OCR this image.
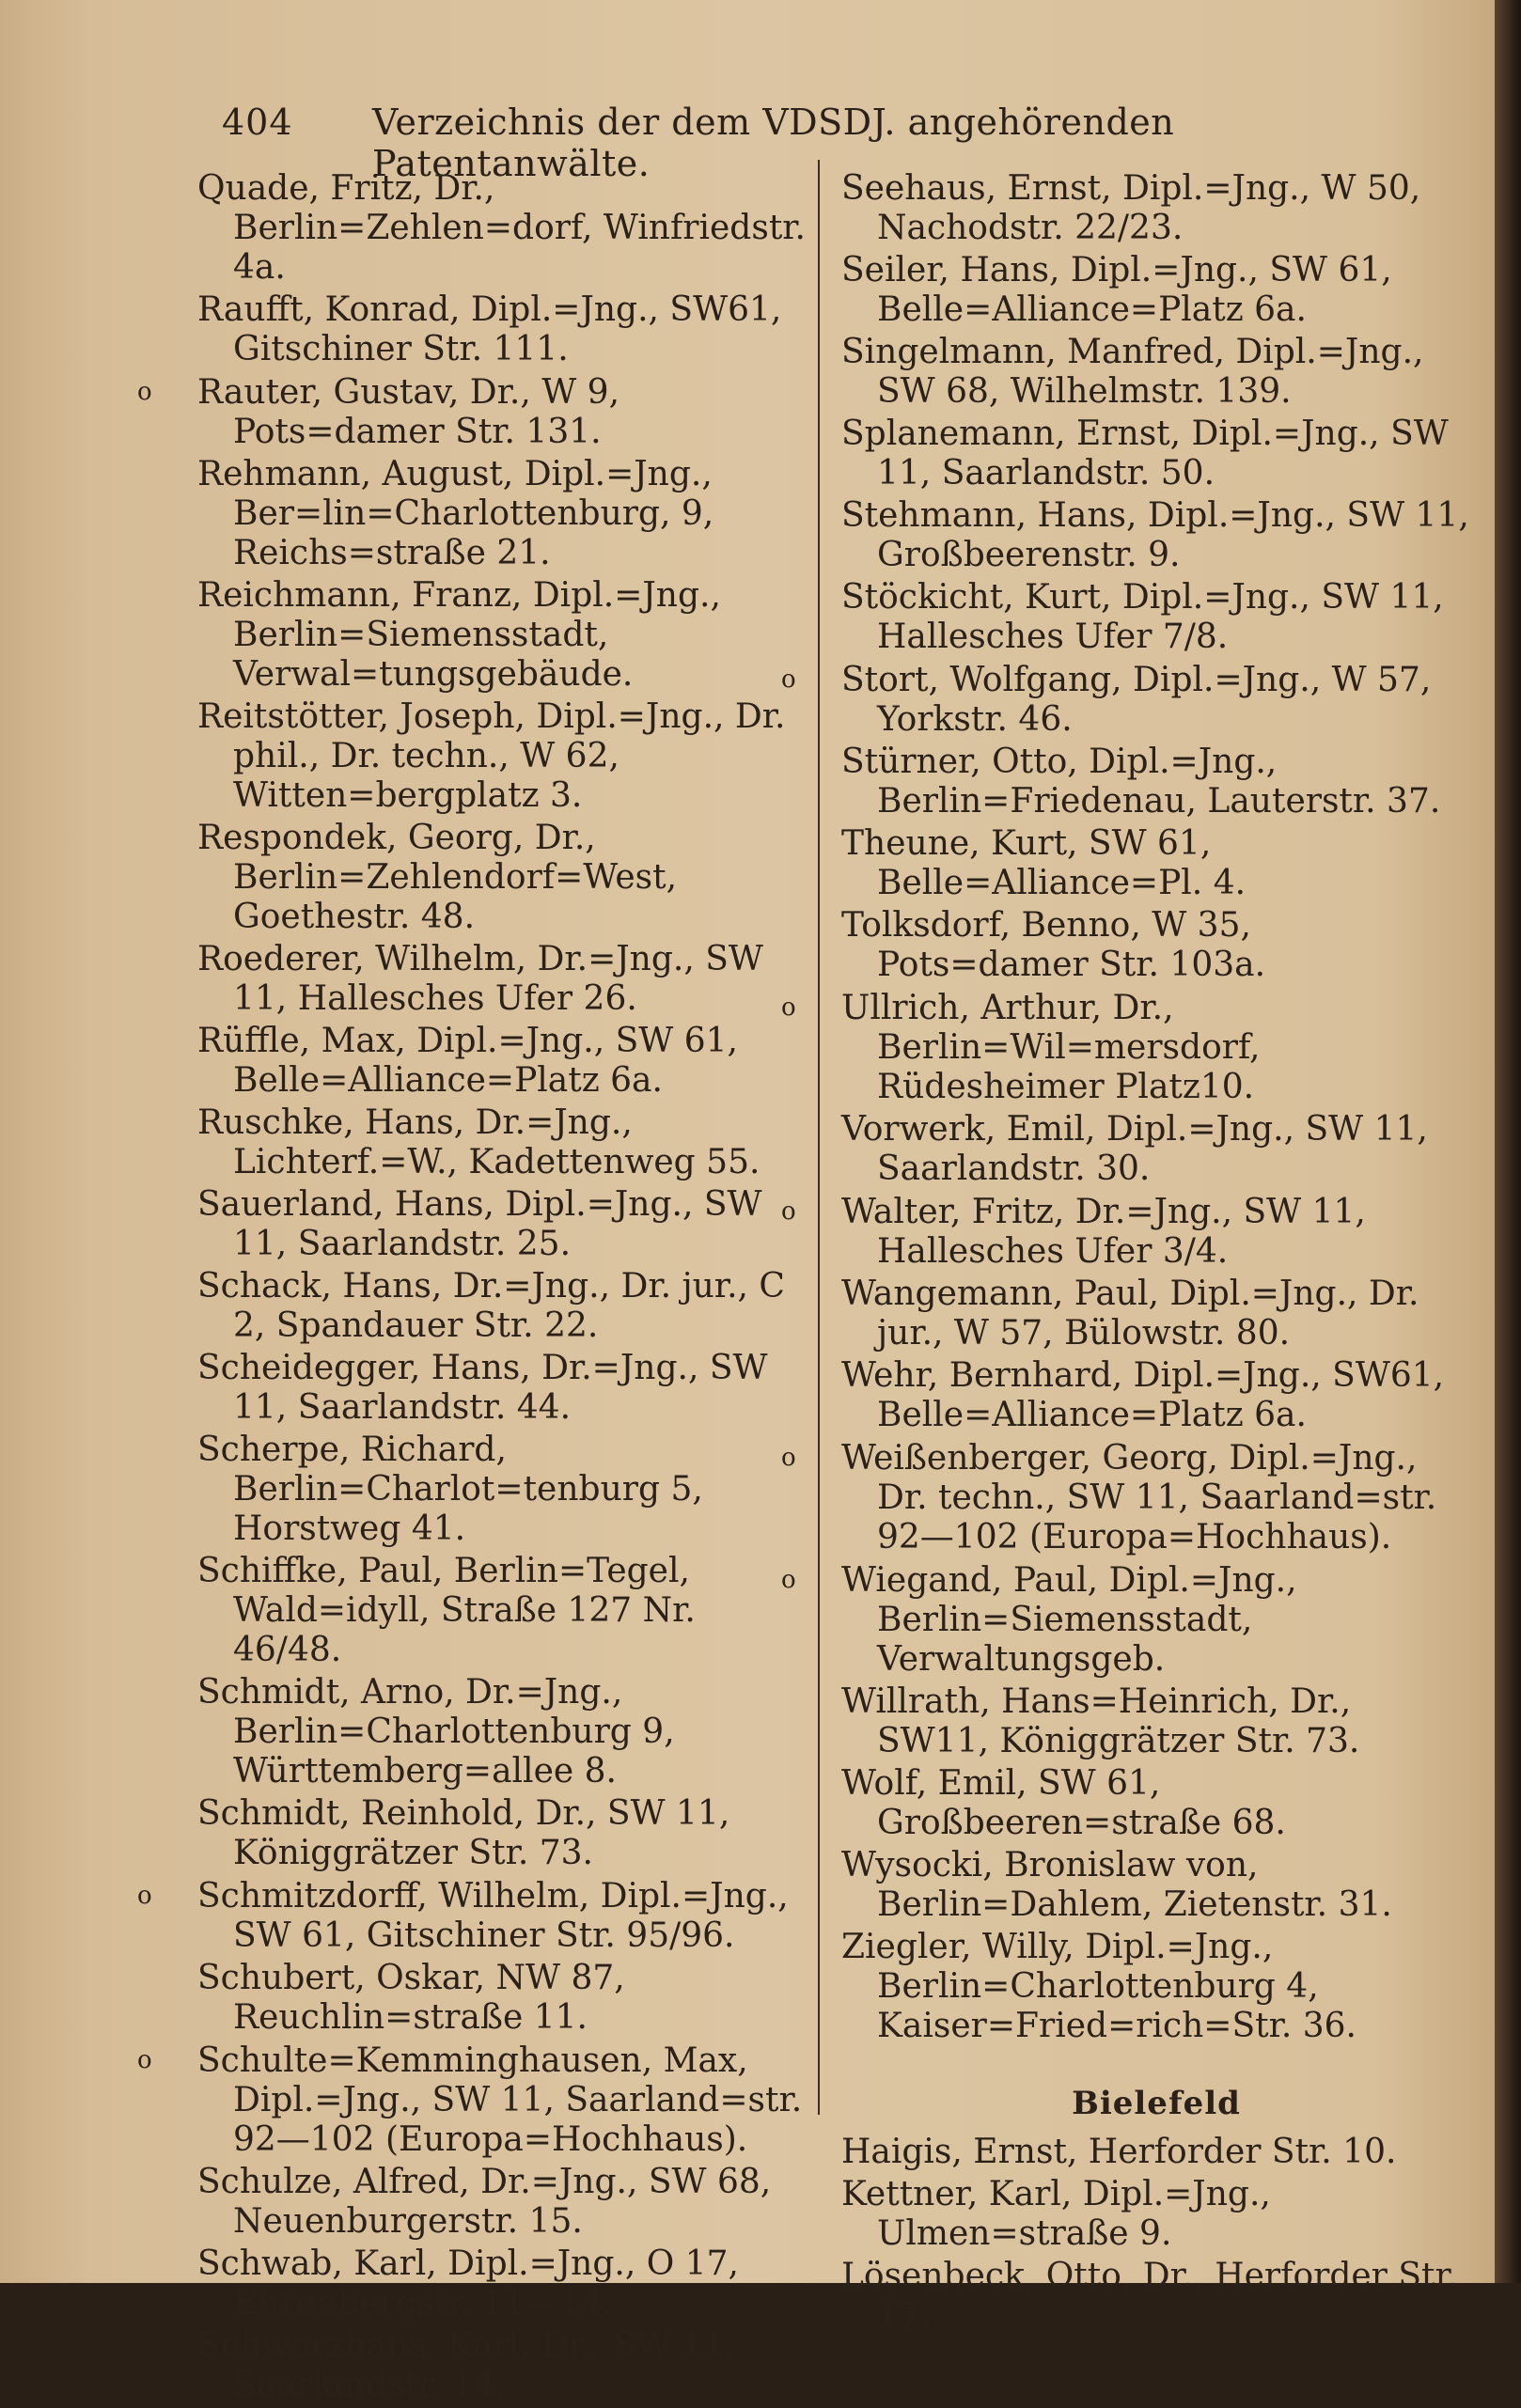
404 Verzeichnis der dem VDSDJ. angehörenden Patentanwälte.
Quade, Fritz, Dr., Berlin=Zehlen=dorf, Winfriedstr. 4a.
Raufft, Konrad, Dipl.=Jng., SW61, Gitschiner Str. 111.
o Rauter, Gustav, Dr., W 9, Pots=damer Str. 131.
Rehmann, August, Dipl.=Jng., Ber=lin=Charlottenburg, 9, Reichs=straße 21.
Reichmann, Franz, Dipl.=Jng., Berlin=Siemensstadt, Verwal=tungsgebäude.
Reitstötter, Joseph, Dipl.=Jng., Dr. phil., Dr. techn., W 62, Witten=bergplatz 3.
Respondek, Georg, Dr., Berlin=Zehlendorf=West, Goethestr. 48.
Roederer, Wilhelm, Dr.=Jng., SW 11, Hallesches Ufer 26.
Rüffle, Max, Dipl.=Jng., SW 61, Belle=Alliance=Platz 6a.
Ruschke, Hans, Dr.=Jng., Lichterf.=W., Kadettenweg 55.
Sauerland, Hans, Dipl.=Jng., SW 11, Saarlandstr. 25.
Schack, Hans, Dr.=Jng., Dr. jur., C 2, Spandauer Str. 22.
Scheidegger, Hans, Dr.=Jng., SW 11, Saarlandstr. 44.
Scherpe, Richard, Berlin=Charlot=tenburg 5, Horstweg 41.
Schiffke, Paul, Berlin=Tegel, Wald=idyll, Straße 127 Nr. 46/48.
Schmidt, Arno, Dr.=Jng., Berlin=Charlottenburg 9, Württemberg=allee 8.
Schmidt, Reinhold, Dr., SW 11, Königgrätzer Str. 73.
o Schmitzdorff, Wilhelm, Dipl.=Jng., SW 61, Gitschiner Str. 95/96.
Schubert, Oskar, NW 87, Reuchlin=straße 11.
o Schulte=Kemminghausen, Max, Dipl.=Jng., SW 11, Saarland=str. 92—102 (Europa=Hochhaus).
Schulze, Alfred, Dr.=Jng., SW 68, Neuenburgerstr. 15.
Schwab, Karl, Dipl.=Jng., O 17, Ehrenbergstr. 11—14.
Schwarzhans, Karl, Dr., SW 11, Saarlandstr. 14.
Seehaus, Ernst, Dipl.=Jng., W 50, Nachodstr. 22/23.
Seiler, Hans, Dipl.=Jng., SW 61, Belle=Alliance=Platz 6a.
Singelmann, Manfred, Dipl.=Jng., SW 68, Wilhelmstr. 139.
Splanemann, Ernst, Dipl.=Jng., SW 11, Saarlandstr. 50.
Stehmann, Hans, Dipl.=Jng., SW 11, Großbeerenstr. 9.
Stöckicht, Kurt, Dipl.=Jng., SW 11, Hallesches Ufer 7/8.
o Stort, Wolfgang, Dipl.=Jng., W 57, Yorkstr. 46.
Stürner, Otto, Dipl.=Jng., Berlin=Friedenau, Lauterstr. 37.
Theune, Kurt, SW 61, Belle=Alliance=Pl. 4.
Tolksdorf, Benno, W 35, Pots=damer Str. 103a.
o Ullrich, Arthur, Dr., Berlin=Wil=mersdorf, Rüdesheimer Platz10.
Vorwerk, Emil, Dipl.=Jng., SW 11, Saarlandstr. 30.
o Walter, Fritz, Dr.=Jng., SW 11, Hallesches Ufer 3/4.
Wangemann, Paul, Dipl.=Jng., Dr. jur., W 57, Bülowstr. 80.
Wehr, Bernhard, Dipl.=Jng., SW61, Belle=Alliance=Platz 6a.
o Weißenberger, Georg, Dipl.=Jng., Dr. techn., SW 11, Saarland=str. 92—102 (Europa=Hochhaus).
o Wiegand, Paul, Dipl.=Jng., Berlin=Siemensstadt, Verwaltungsgeb.
Willrath, Hans=Heinrich, Dr., SW11, Königgrätzer Str. 73.
Wolf, Emil, SW 61, Großbeeren=straße 68.
Wysocki, Bronislaw von, Berlin=Dahlem, Zietenstr. 31.
Ziegler, Willy, Dipl.=Jng., Berlin=Charlottenburg 4, Kaiser=Fried=rich=Str. 36.
Bielefeld
Haigis, Ernst, Herforder Str. 10.
Kettner, Karl, Dipl.=Jng., Ulmen=straße 9.
Lösenbeck, Otto, Dr., Herforder Str. 17.
